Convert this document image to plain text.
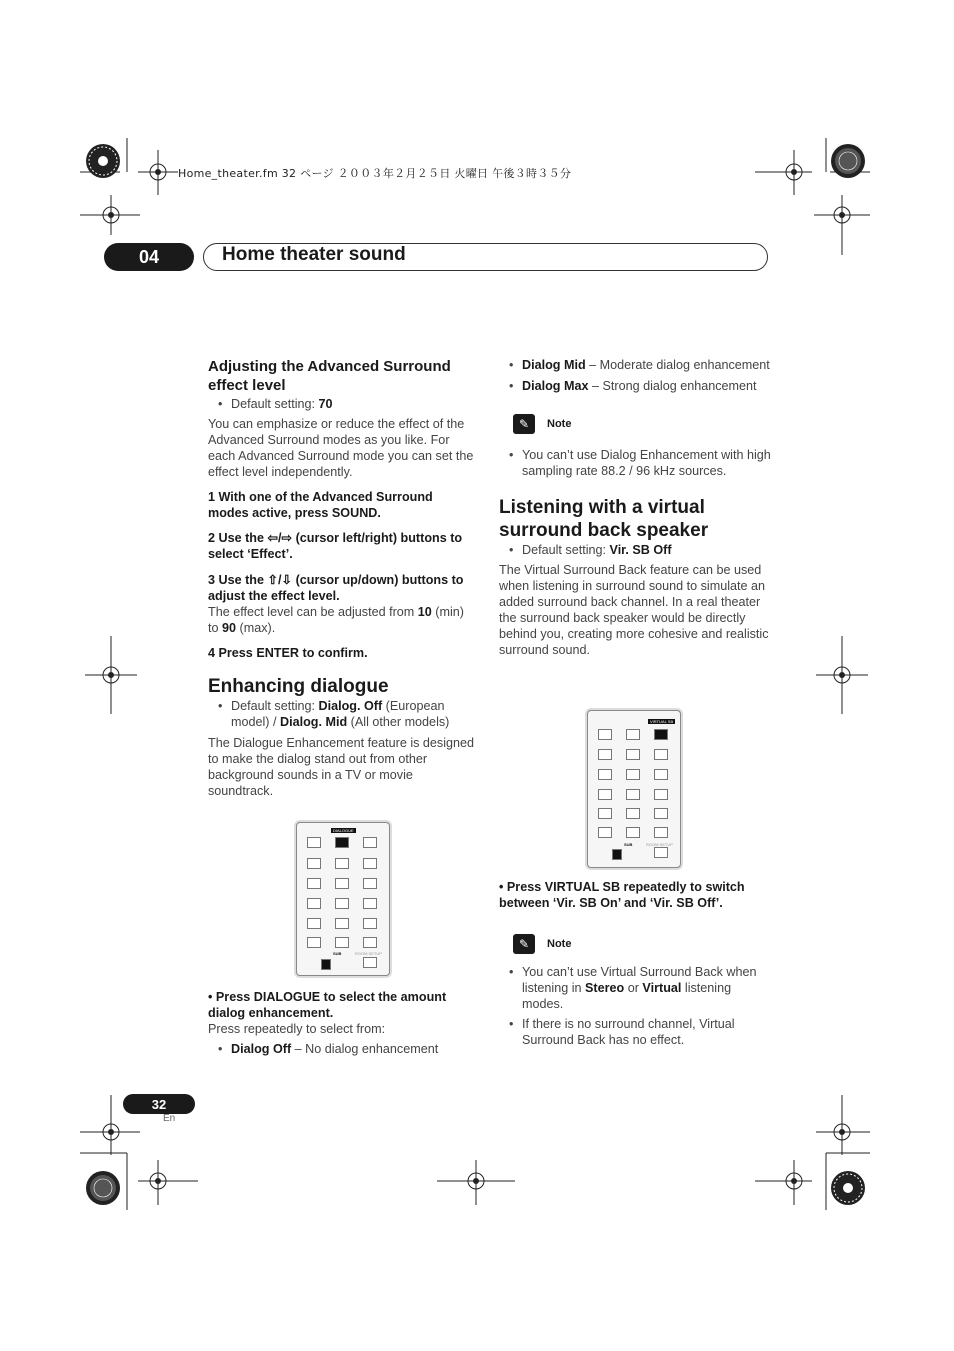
Home_theater.fm 32 ページ ２００３年２月２５日 火曜日 午後３時３５分
04	Home theater sound

Adjusting the Advanced Surround effect level

• Default setting: 70

You can emphasize or reduce the effect of the Advanced Surround modes as you like. For each Advanced Surround mode you can set the effect level independently.

1 With one of the Advanced Surround modes active, press SOUND.

2 Use the ⇦/⇨ (cursor left/right) buttons to select ‘Effect’.

3 Use the ⇧/⇩ (cursor up/down) buttons to adjust the effect level.

The effect level can be adjusted from 10 (min) to 90 (max).

4 Press ENTER to confirm.

Enhancing dialogue

• Default setting: Dialog. Off (European model) / Dialog. Mid (All other models)

The Dialogue Enhancement feature is designed to make the dialog stand out from other background sounds in a TV or movie soundtrack.

DIALOGUE
SUB	ROOM SETUP

• Press DIALOGUE to select the amount dialog enhancement.

Press repeatedly to select from:

• Dialog Off – No dialog enhancement

• Dialog Mid – Moderate dialog enhancement

• Dialog Max – Strong dialog enhancement

✎	Note

• You can’t use Dialog Enhancement with high sampling rate 88.2 / 96 kHz sources.

Listening with a virtual surround back speaker

• Default setting: Vir. SB Off

The Virtual Surround Back feature can be used when listening in surround sound to simulate an added surround back channel. In a real theater the surround back speaker would be directly behind you, creating more cohesive and realistic surround sound.

VIRTUAL SB
SUB	ROOM SETUP

• Press VIRTUAL SB repeatedly to switch between ‘Vir. SB On’ and ‘Vir. SB Off’.

✎	Note

• You can’t use Virtual Surround Back when listening in Stereo or Virtual listening modes.

• If there is no surround channel, Virtual Surround Back has no effect.

32
En
